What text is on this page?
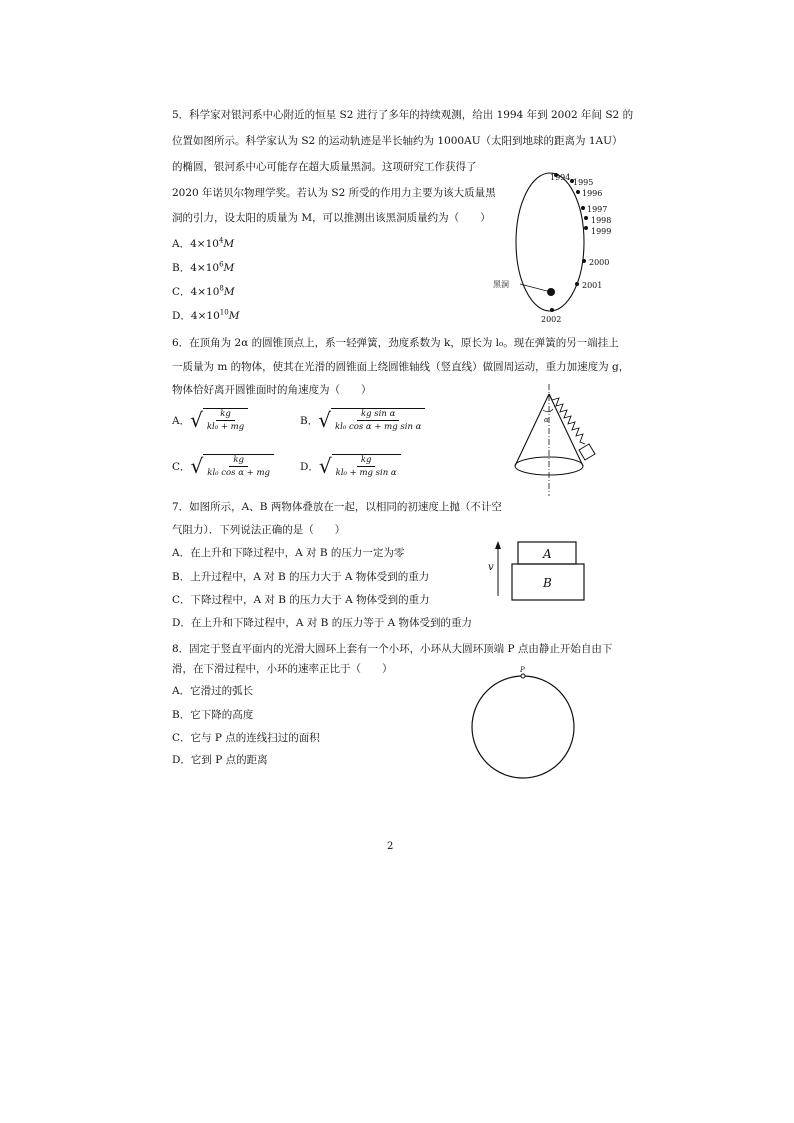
5．科学家对银河系中心附近的恒星 S2 进行了多年的持续观测，给出 1994 年到 2002 年间 S2 的
位置如图所示。科学家认为 S2 的运动轨迹是半长轴约为 1000AU（太阳到地球的距离为 1AU）
的椭圆，银河系中心可能存在超大质量黑洞。这项研究工作获得了
2020 年诺贝尔物理学奖。若认为 S2 所受的作用力主要为该大质量黑
洞的引力，设太阳的质量为 M，可以推测出该黑洞质量约为（　　）
A．$4\times 10^4M$
B．$4\times 10^6M$
C．$4\times 10^8M$
D．$4\times 10^{10}M$
1994
1995
1996
1997
1998
1999
2000
2001
2002
黑洞
6．在顶角为 2α 的圆锥顶点上，系一轻弹簧，劲度系数为 k，原长为 l₀。现在弹簧的另一端挂上
一质量为 m 的物体，使其在光滑的圆锥面上绕圆锥轴线（竖直线）做圆周运动，重力加速度为 g，
物体恰好离开圆锥面时的角速度为（　　）
A． √ $\frac{kg}{\text{kl₀ + mg}}$	B． √ $\frac{\text{kg sin α}}{\text{kl₀ cos α + mg sin α}}$
C． √ $\frac{kg}{\text{kl₀ cos α + mg}}$ D． √ $\frac{kg}{\text{kl₀ + mg sin α}}$
α
7．如图所示，A、B 两物体叠放在一起，以相同的初速度上抛（不计空
气阻力）．下列说法正确的是（　　）
A．在上升和下降过程中，A 对 B 的压力一定为零
B．上升过程中，A 对 B 的压力大于 A 物体受到的重力
C．下降过程中，A 对 B 的压力大于 A 物体受到的重力
D．在上升和下降过程中，A 对 B 的压力等于 A 物体受到的重力
A
B
v
8．固定于竖直平面内的光滑大圆环上套有一个小环，小环从大圆环顶端 P 点由静止开始自由下
滑，在下滑过程中，小环的速率正比于（　　）
A．它滑过的弧长
B．它下降的高度
C．它与 P 点的连线扫过的面积
D．它到 P 点的距离
P
2
